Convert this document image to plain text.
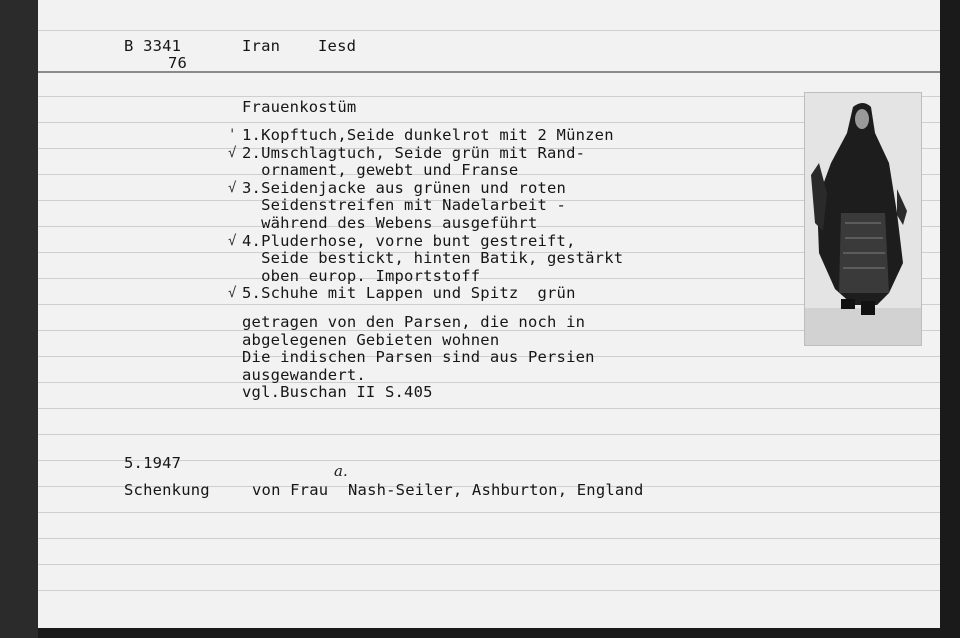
B 3341
76
Iran Iesd
Frauenkostüm
' 1.Kopftuch,Seide dunkelrot mit 2 Münzen
√ 2.Umschlagtuch, Seide grün mit Rand-
ornament, gewebt und Franse
√ 3.Seidenjacke aus grünen und roten
Seidenstreifen mit Nadelarbeit -
während des Webens ausgeführt
√ 4.Pluderhose, vorne bunt gestreift,
Seide bestickt, hinten Batik, gestärkt
oben europ. Importstoff
√ 5.Schuhe mit Lappen und Spitz  grün
getragen von den Parsen, die noch in
abgelegenen Gebieten wohnen
Die indischen Parsen sind aus Persien
ausgewandert.
vgl.Buschan II S.405
5.1947
Schenkung	von Frau Nash-Seiler, Ashburton, England
a.
